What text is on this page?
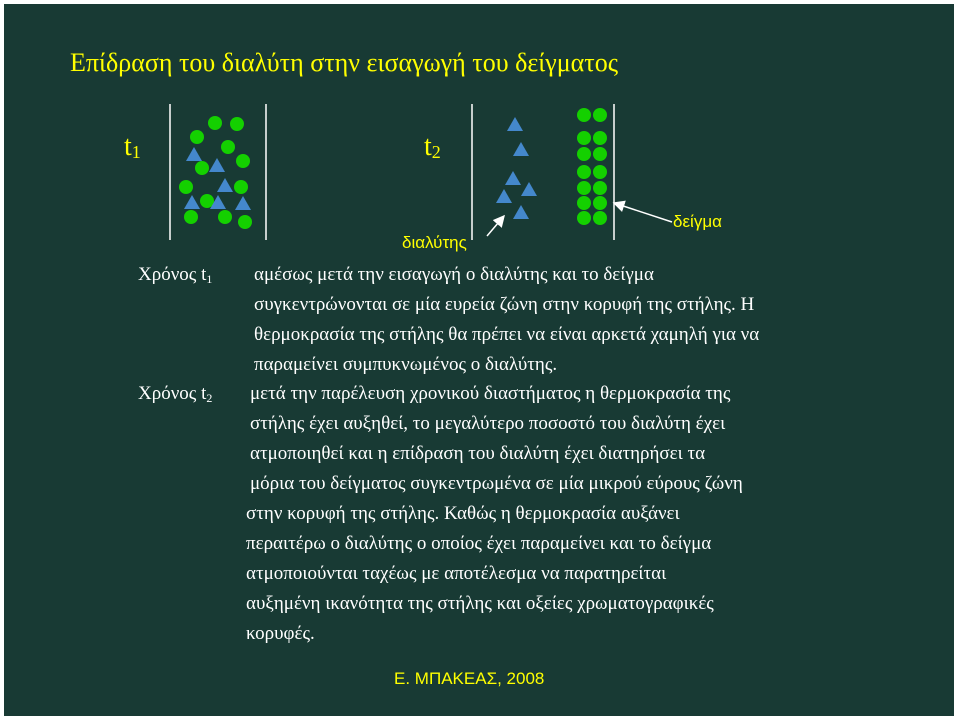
Επίδραση του διαλύτη στην εισαγωγή του δείγματος
$t_1$	$t_2$
διαλύτης
δείγμα
Χρόνος $t_1$ αμέσως μετά την εισαγωγή ο διαλύτης και το δείγμα
συγκεντρώνονται σε μία ευρεία ζώνη στην κορυφή της στήλης. Η
θερμοκρασία της στήλης θα πρέπει να είναι αρκετά χαμηλή για να
παραμείνει συμπυκνωμένος ο διαλύτης.
Χρόνος $t_2$ μετά την παρέλευση χρονικού διαστήματος η θερμοκρασία της
στήλης έχει αυξηθεί, το μεγαλύτερο ποσοστό του διαλύτη έχει
ατμοποιηθεί και η επίδραση του διαλύτη έχει διατηρήσει τα
μόρια του δείγματος συγκεντρωμένα σε μία μικρού εύρους ζώνη
στην κορυφή της στήλης. Καθώς η θερμοκρασία αυξάνει
περαιτέρω ο διαλύτης ο οποίος έχει παραμείνει και το δείγμα
ατμοποιούνται ταχέως με αποτέλεσμα να παρατηρείται
αυξημένη ικανότητα της στήλης και οξείες χρωματογραφικές
κορυφές.
Ε. ΜΠΑΚΕΑΣ, 2008
